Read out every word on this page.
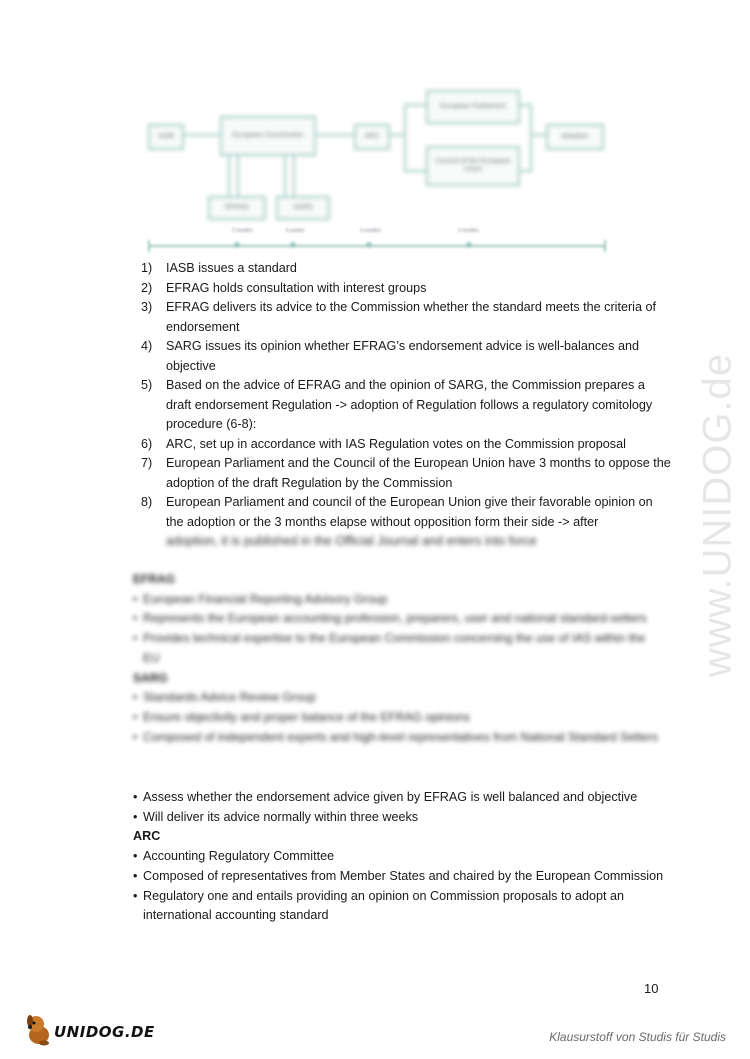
IASB	European Commission	ARC
European Parliament
Council of the European Union
Adoption
EFRAG	SARG
2 months	6 weeks	3 months	3 months
1) IASB issues a standard
2) EFRAG holds consultation with interest groups
3) EFRAG delivers its advice to the Commission whether the standard meets the criteria of endorsement
4) SARG issues its opinion whether EFRAG’s endorsement advice is well-balances and objective
5) Based on the advice of EFRAG and the opinion of SARG, the Commission prepares a draft endorsement Regulation -> adoption of Regulation follows a regulatory comitology procedure (6-8):
6) ARC, set up in accordance with IAS Regulation votes on the Commission proposal
7) European Parliament and the Council of the European Union have 3 months to oppose the adoption of the draft Regulation by the Commission
8) European Parliament and council of the European Union give their favorable opinion on the adoption or the 3 months elapse without opposition form their side -> after
adoption, it is published in the Official Journal and enters into force
EFRAG
• European Financial Reporting Advisory Group
• Represents the European accounting profession, preparers, user and national standard-setters
• Provides technical expertise to the European Commission concerning the use of IAS within the EU
SARG
• Standards Advice Review Group
• Ensure objectivity and proper balance of the EFRAG opinions
• Composed of independent experts and high-level representatives from National Standard Setters
• Assess whether the endorsement advice given by EFRAG is well balanced and objective
• Will deliver its advice normally within three weeks
ARC
• Accounting Regulatory Committee
• Composed of representatives from Member States and chaired by the European Commission
• Regulatory one and entails providing an opinion on Commission proposals to adopt an international accounting standard
10
www.UNIDOG.de
UNIDOG.DE	Klausurstoff von Studis für Studis
